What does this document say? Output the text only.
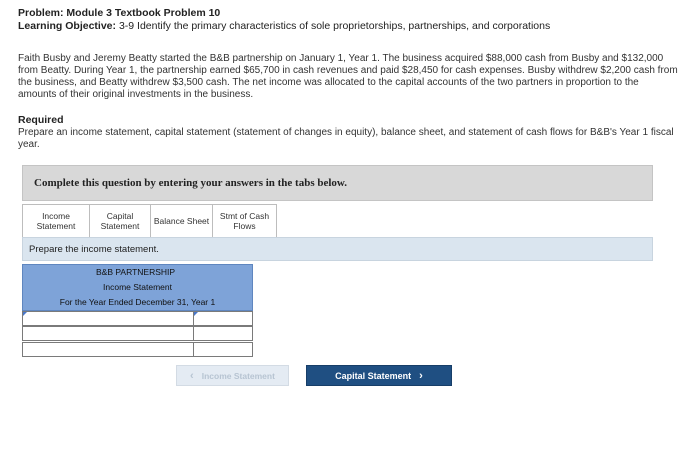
Problem: Module 3 Textbook Problem 10
Learning Objective: 3-9 Identify the primary characteristics of sole proprietorships, partnerships, and corporations
Faith Busby and Jeremy Beatty started the B&B partnership on January 1, Year 1. The business acquired $88,000 cash from Busby and $132,000 from Beatty. During Year 1, the partnership earned $65,700 in cash revenues and paid $28,450 for cash expenses. Busby withdrew $2,200 cash from the business, and Beatty withdrew $3,500 cash. The net income was allocated to the capital accounts of the two partners in proportion to the amounts of their original investments in the business.
Required
Prepare an income statement, capital statement (statement of changes in equity), balance sheet, and statement of cash flows for B&B's Year 1 fiscal year.
Complete this question by entering your answers in the tabs below.
Income
Statement
Capital
Statement Balance Sheet Stmt of Cash
Flows
Prepare the income statement.
B&B PARTNERSHIP
Income Statement
For the Year Ended December 31, Year 1
‹ Income Statement	Capital Statement ›
